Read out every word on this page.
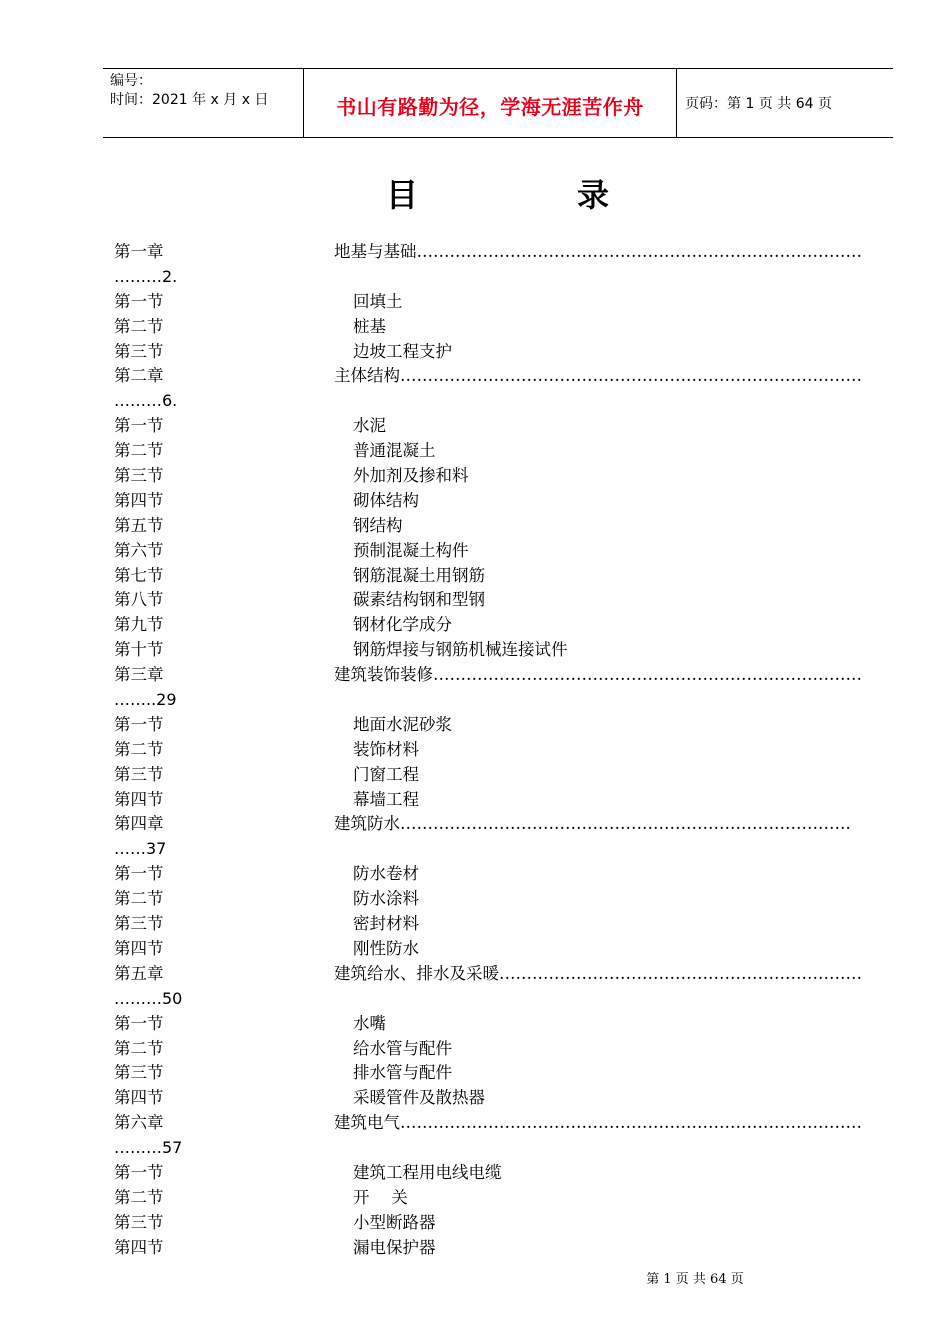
编号：
时间：2021 年 x 月 x 日	书山有路勤为径，学海无涯苦作舟	页码：第 1 页 共 64 页
目	录
第一章	地基与基础………………………………………………………………………
………2.
第一节	回填土
第二节	桩基
第三节	边坡工程支护
第二章	主体结构…………………………………………………………………………
………6.
第一节	水泥
第二节	普通混凝土
第三节	外加剂及掺和料
第四节	砌体结构
第五节	钢结构
第六节	预制混凝土构件
第七节	钢筋混凝土用钢筋
第八节	碳素结构钢和型钢
第九节	钢材化学成分
第十节	钢筋焊接与钢筋机械连接试件
第三章	建筑装饰装修……………………………………………………………………
……..29
第一节	地面水泥砂浆
第二节	装饰材料
第三节	门窗工程
第四节	幕墙工程
第四章	建筑防水……………………………………………………………………….
……37
第一节	防水卷材
第二节	防水涂料
第三节	密封材料
第四节	刚性防水
第五章	建筑给水、排水及采暖…………………………………………………………
………50
第一节	水嘴
第二节	给水管与配件
第三节	排水管与配件
第四节	采暖管件及散热器
第六章	建筑电气…………………………………………………………………………
………57
第一节	建筑工程用电线电缆
第二节	开　 关
第三节	小型断路器
第四节	漏电保护器
第 1 页 共 64 页
